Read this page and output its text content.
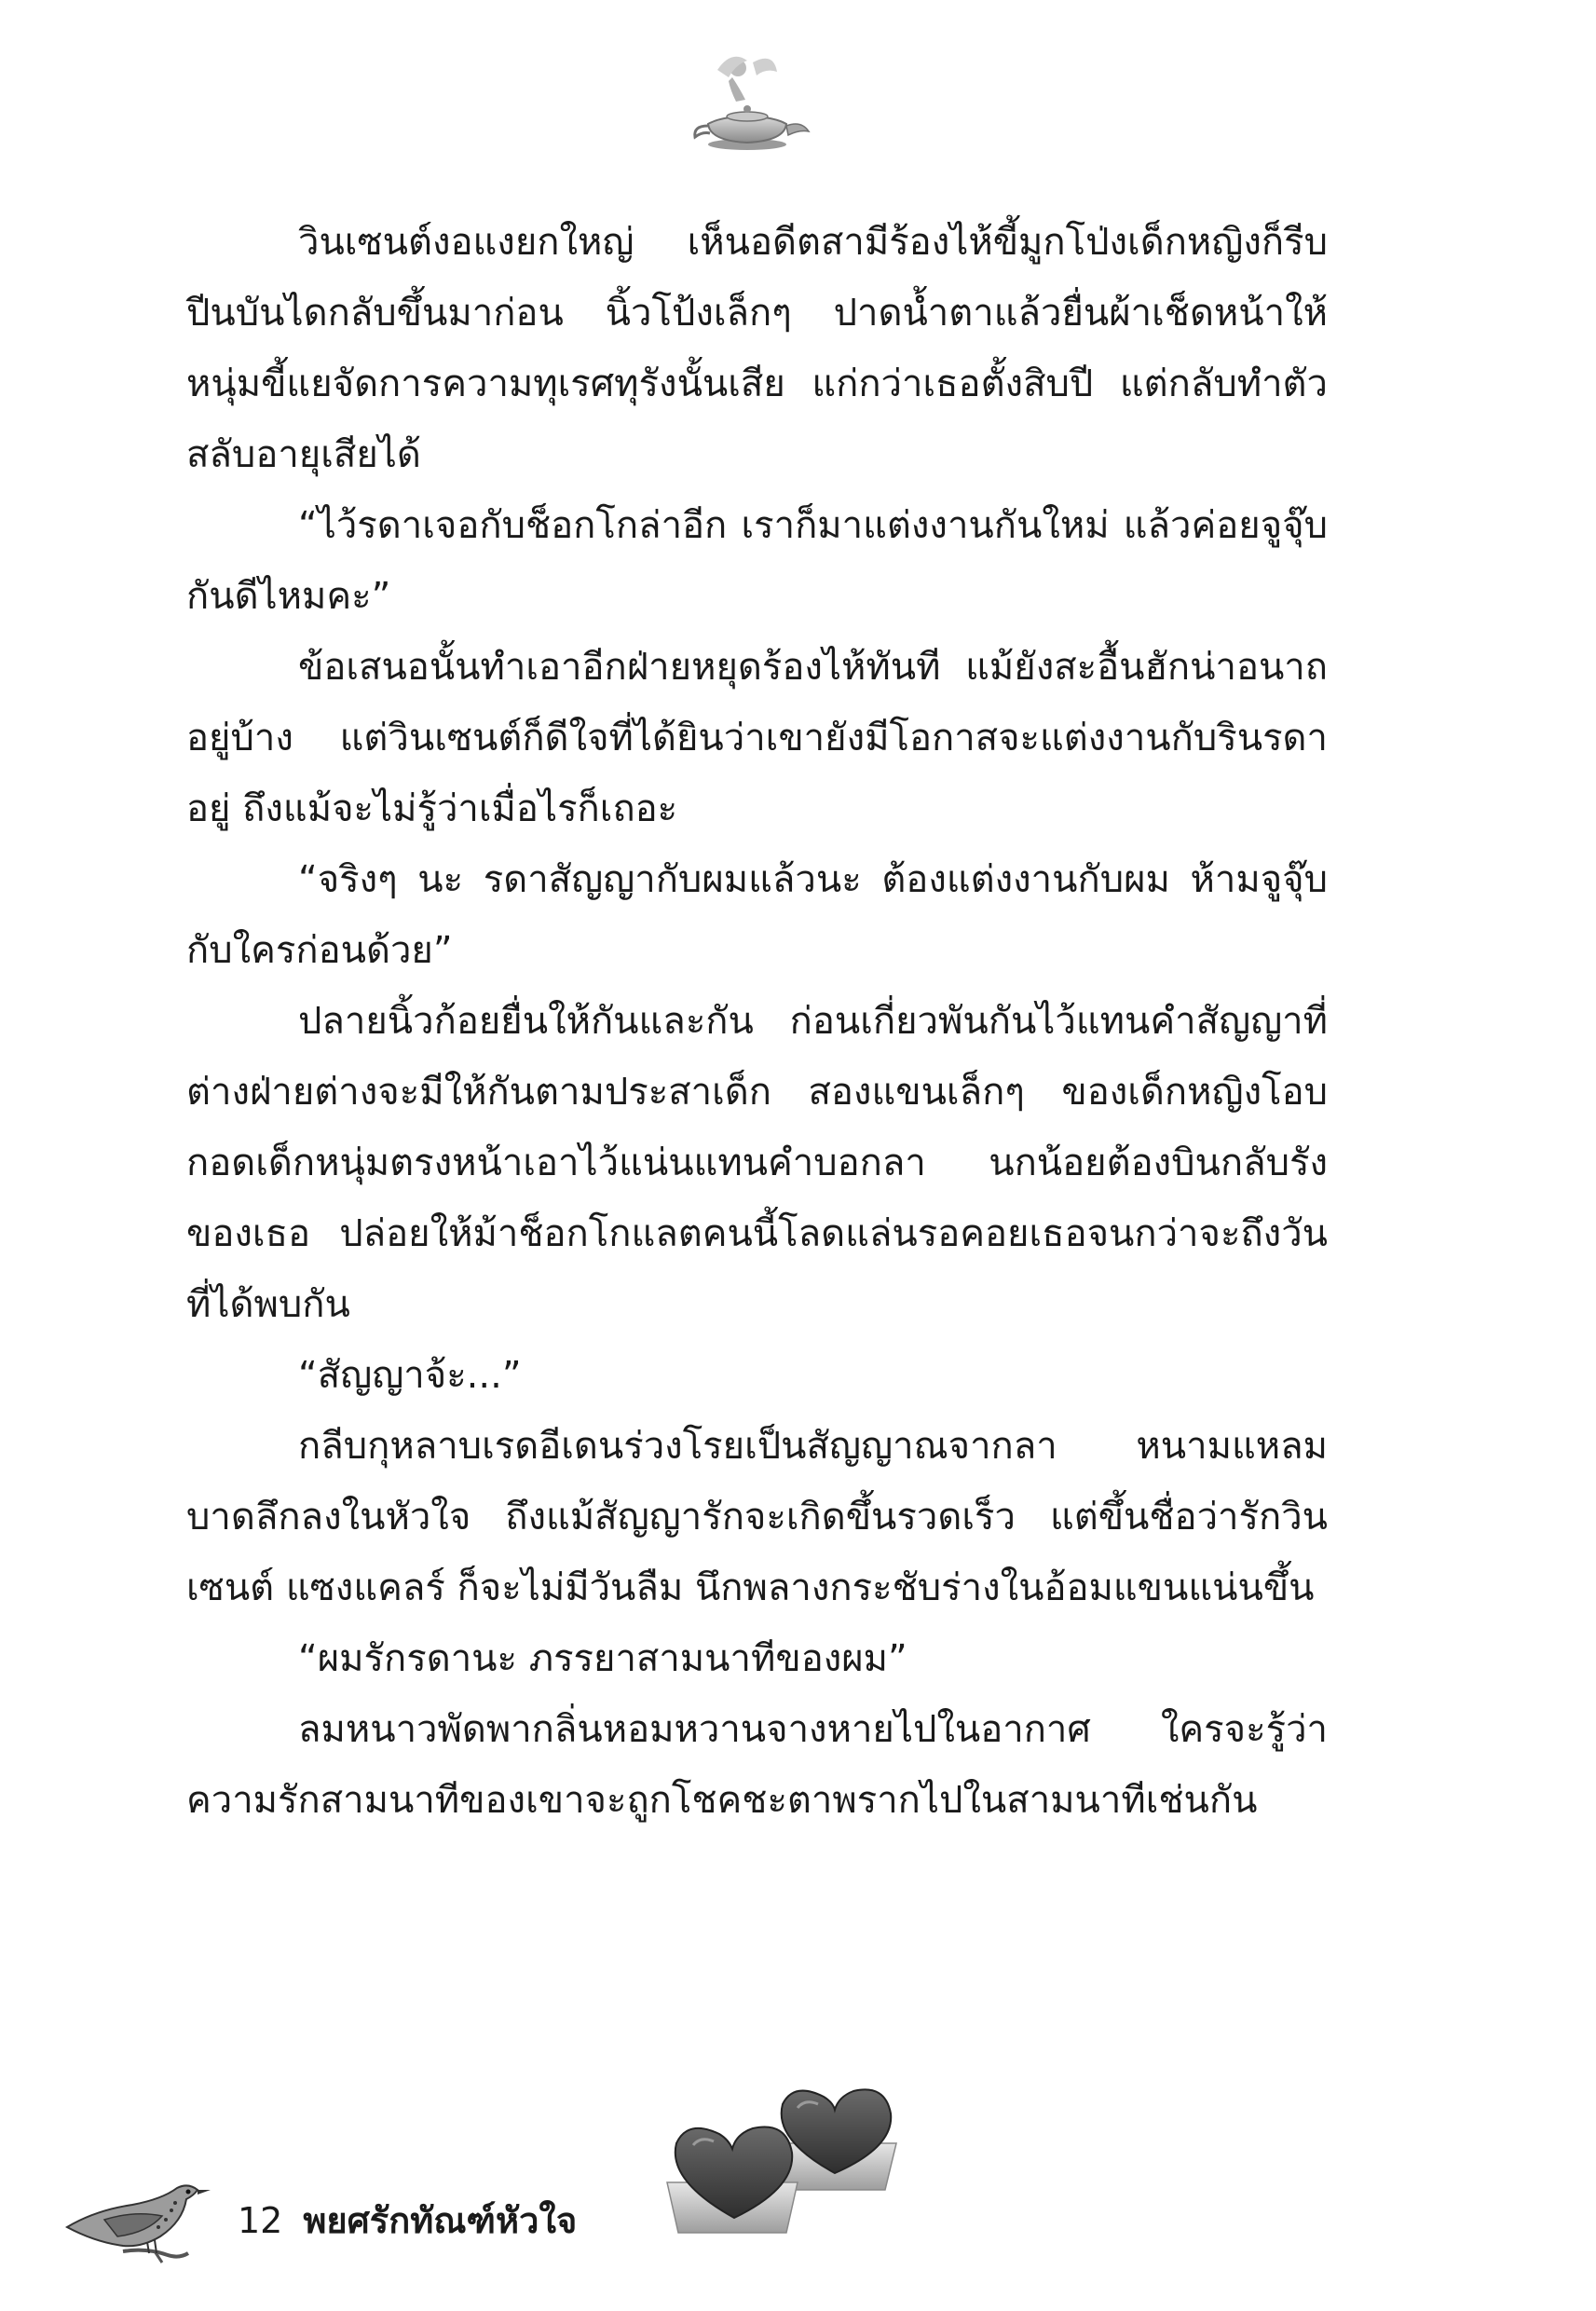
วินเซนต์งอแงยกใหญ่ เห็นอดีตสามีร้องไห้ขี้มูกโป่งเด็กหญิงก็รีบปีนบันไดกลับขึ้นมาก่อน นิ้วโป้งเล็กๆ ปาดน้ำตาแล้วยื่นผ้าเช็ดหน้าให้หนุ่มขี้แยจัดการความทุเรศทุรังนั้นเสีย แก่กว่าเธอตั้งสิบปี แต่กลับทำตัวสลับอายุเสียได้

“ไว้รดาเจอกับช็อกโกล่าอีก เราก็มาแต่งงานกันใหม่ แล้วค่อยจูจุ๊บกันดีไหมคะ”

ข้อเสนอนั้นทำเอาอีกฝ่ายหยุดร้องไห้ทันที แม้ยังสะอื้นฮักน่าอนาถอยู่บ้าง แต่วินเซนต์ก็ดีใจที่ได้ยินว่าเขายังมีโอกาสจะแต่งงานกับรินรดาอยู่ ถึงแม้จะไม่รู้ว่าเมื่อไรก็เถอะ

“จริงๆ นะ รดาสัญญากับผมแล้วนะ ต้องแต่งงานกับผม ห้ามจูจุ๊บกับใครก่อนด้วย”

ปลายนิ้วก้อยยื่นให้กันและกัน ก่อนเกี่ยวพันกันไว้แทนคำสัญญาที่ต่างฝ่ายต่างจะมีให้กันตามประสาเด็ก สองแขนเล็กๆ ของเด็กหญิงโอบกอดเด็กหนุ่มตรงหน้าเอาไว้แน่นแทนคำบอกลา นกน้อยต้องบินกลับรังของเธอ ปล่อยให้ม้าช็อกโกแลตคนนี้โลดแล่นรอคอยเธอจนกว่าจะถึงวันที่ได้พบกัน

“สัญญาจ้ะ...”

กลีบกุหลาบเรดอีเดนร่วงโรยเป็นสัญญาณจากลา หนามแหลมบาดลึกลงในหัวใจ ถึงแม้สัญญารักจะเกิดขึ้นรวดเร็ว แต่ขึ้นชื่อว่ารักวินเซนต์ แซงแคลร์ ก็จะไม่มีวันลืม นึกพลางกระชับร่างในอ้อมแขนแน่นขึ้น

“ผมรักรดานะ ภรรยาสามนาทีของผม”

ลมหนาวพัดพากลิ่นหอมหวานจางหายไปในอากาศ ใครจะรู้ว่าความรักสามนาทีของเขาจะถูกโชคชะตาพรากไปในสามนาทีเช่นกัน

12 พยศรักทัณฑ์หัวใจ
